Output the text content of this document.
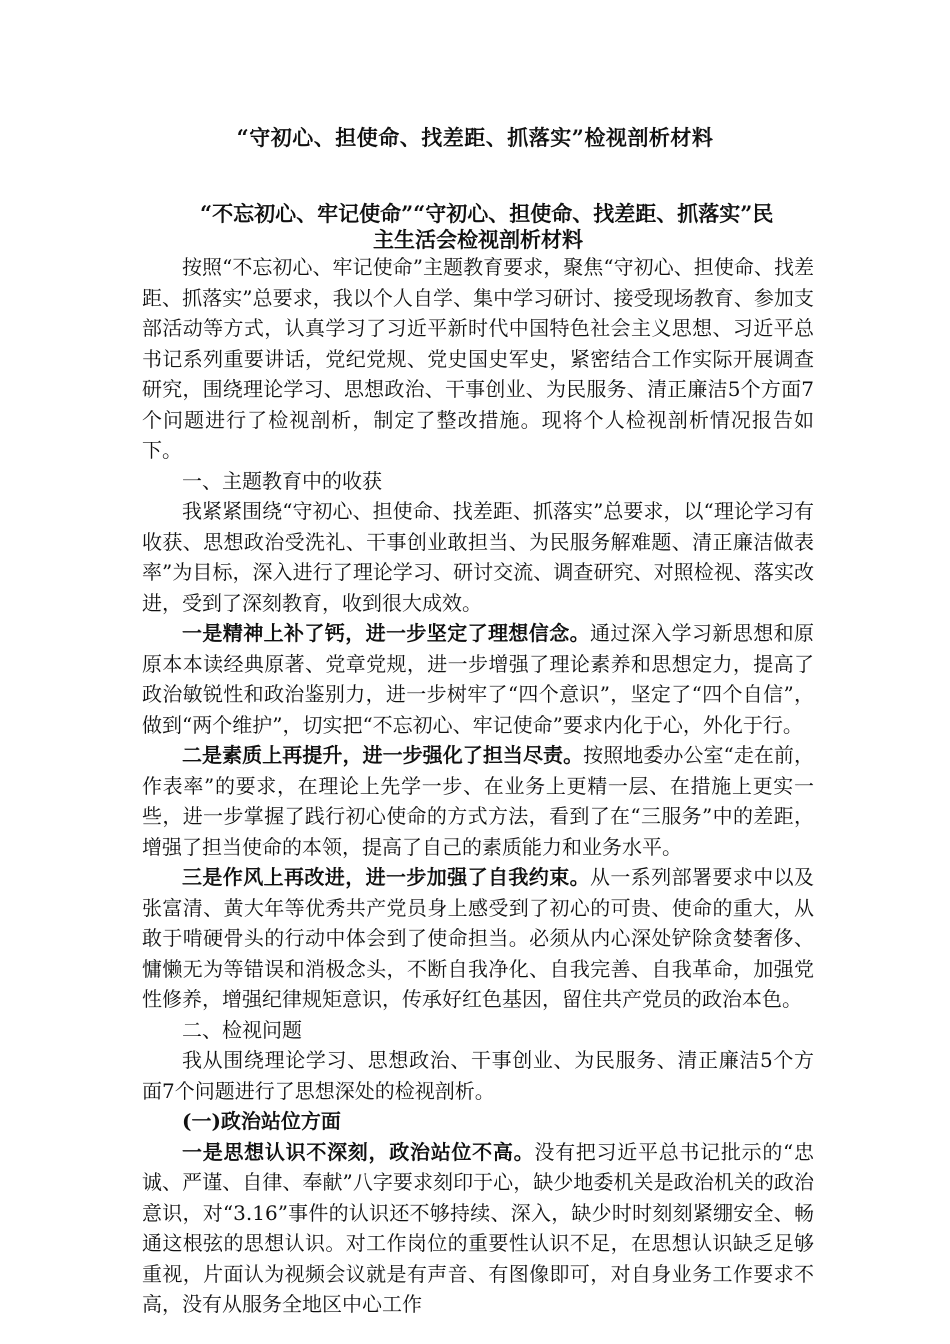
“守初心、担使命、找差距、抓落实”检视剖析材料
“不忘初心、牢记使命”“守初心、担使命、找差距、抓落实”民
主生活会检视剖析材料

按照“不忘初心、牢记使命”主题教育要求，聚焦“守初心、担使命、找差距、抓落实”总要求，我以个人自学、集中学习研讨、接受现场教育、参加支部活动等方式，认真学习了习近平新时代中国特色社会主义思想、习近平总书记系列重要讲话，党纪党规、党史国史军史，紧密结合工作实际开展调查研究，围绕理论学习、思想政治、干事创业、为民服务、清正廉洁5个方面7个问题进行了检视剖析，制定了整改措施。现将个人检视剖析情况报告如下。

一、主题教育中的收获

我紧紧围绕“守初心、担使命、找差距、抓落实”总要求，以“理论学习有收获、思想政治受洗礼、干事创业敢担当、为民服务解难题、清正廉洁做表率”为目标，深入进行了理论学习、研讨交流、调查研究、对照检视、落实改进，受到了深刻教育，收到很大成效。

一是精神上补了钙，进一步坚定了理想信念。通过深入学习新思想和原原本本读经典原著、党章党规，进一步增强了理论素养和思想定力，提高了政治敏锐性和政治鉴别力，进一步树牢了“四个意识”，坚定了“四个自信”，做到“两个维护”，切实把“不忘初心、牢记使命”要求内化于心，外化于行。

二是素质上再提升，进一步强化了担当尽责。按照地委办公室“走在前，作表率”的要求，在理论上先学一步、在业务上更精一层、在措施上更实一些，进一步掌握了践行初心使命的方式方法，看到了在“三服务”中的差距，增强了担当使命的本领，提高了自己的素质能力和业务水平。

三是作风上再改进，进一步加强了自我约束。从一系列部署要求中以及张富清、黄大年等优秀共产党员身上感受到了初心的可贵、使命的重大，从敢于啃硬骨头的行动中体会到了使命担当。必须从内心深处铲除贪婪奢侈、慵懒无为等错误和消极念头，不断自我净化、自我完善、自我革命，加强党性修养，增强纪律规矩意识，传承好红色基因，留住共产党员的政治本色。

二、检视问题

我从围绕理论学习、思想政治、干事创业、为民服务、清正廉洁5个方面7个问题进行了思想深处的检视剖析。

(一)政治站位方面

一是思想认识不深刻，政治站位不高。没有把习近平总书记批示的“忠诚、严谨、自律、奉献”八字要求刻印于心，缺少地委机关是政治机关的政治意识，对“3.16”事件的认识还不够持续、深入，缺少时时刻刻紧绷安全、畅通这根弦的思想认识。对工作岗位的重要性认识不足，在思想认识缺乏足够重视，片面认为视频会议就是有声音、有图像即可，对自身业务工作要求不高，没有从服务全地区中心工作
